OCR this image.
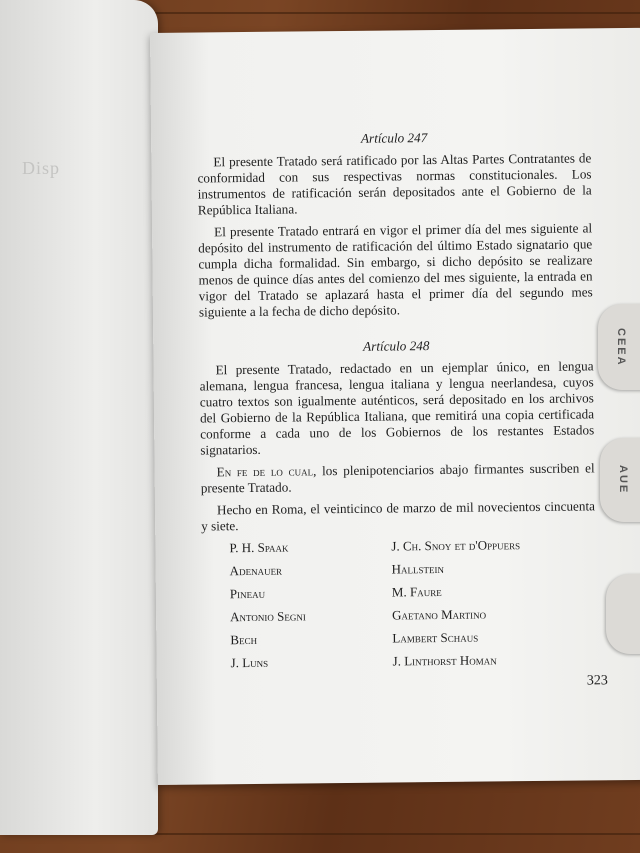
Disp

Artículo 247

El presente Tratado será ratificado por las Altas Partes Contratantes de conformidad con sus respectivas normas constitucionales. Los instrumentos de ratificación serán depositados ante el Gobierno de la República Italiana.

El presente Tratado entrará en vigor el primer día del mes siguiente al depósito del instrumento de ratificación del último Estado signatario que cumpla dicha formalidad. Sin embargo, si dicho depósito se realizare menos de quince días antes del comienzo del mes siguiente, la entrada en vigor del Tratado se aplazará hasta el primer día del segundo mes siguiente a la fecha de dicho depósito.

Artículo 248

El presente Tratado, redactado en un ejemplar único, en lengua alemana, lengua francesa, lengua italiana y lengua neerlandesa, cuyos cuatro textos son igualmente auténticos, será depositado en los archivos del Gobierno de la República Italiana, que remitirá una copia certificada conforme a cada uno de los Gobiernos de los restantes Estados signatarios.

En fe de lo cual, los plenipotenciarios abajo firmantes suscriben el presente Tratado.

Hecho en Roma, el veinticinco de marzo de mil novecientos cincuenta y siete.

P. H. Spaak	J. Ch. Snoy et d'Oppuers
Adenauer	Hallstein
Pineau	M. Faure
Antonio Segni	Gaetano Martino
Bech	Lambert Schaus
J. Luns	J. Linthorst Homan
323
CEEA
AUE
